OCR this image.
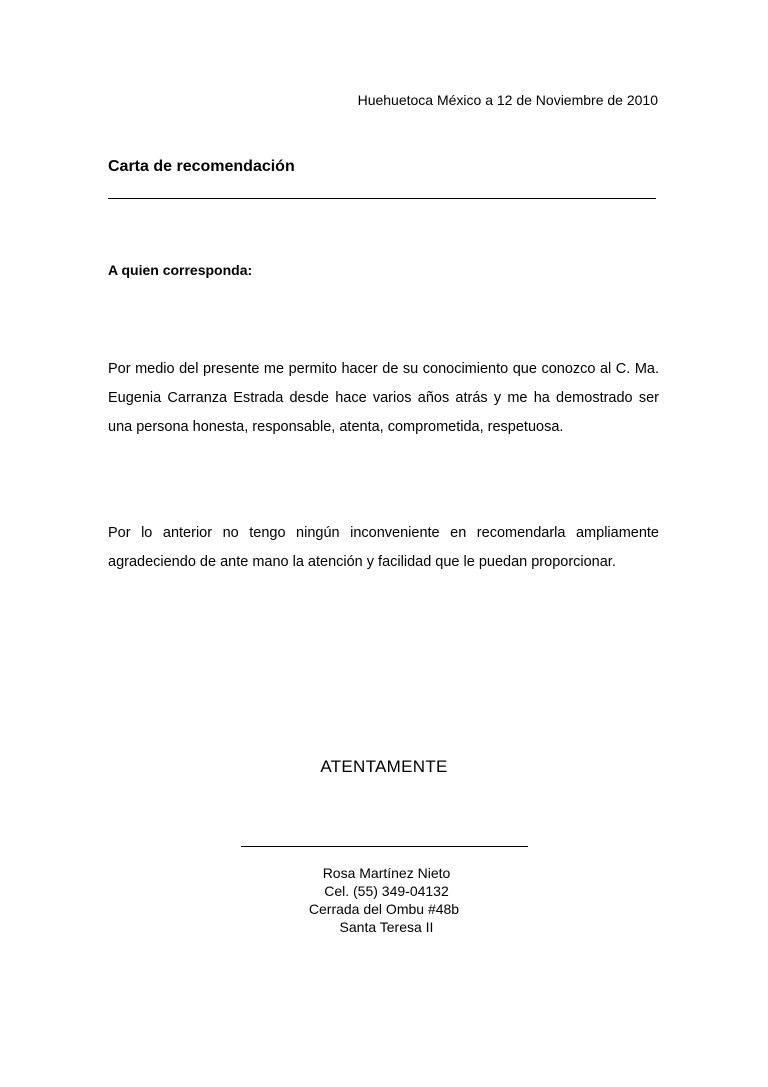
Huehuetoca México a 12 de Noviembre de 2010
Carta de recomendación
A quien corresponda:
Por medio del presente me permito hacer de su conocimiento que conozco al C. Ma. Eugenia Carranza Estrada desde hace varios años atrás y me ha demostrado ser una persona honesta, responsable, atenta, comprometida, respetuosa.
Por lo anterior no tengo ningún inconveniente en recomendarla ampliamente agradeciendo de ante mano la atención y facilidad que le puedan proporcionar.
ATENTAMENTE
Rosa Martínez Nieto
Cel. (55) 349-04132
Cerrada del Ombu #48b
Santa Teresa II
